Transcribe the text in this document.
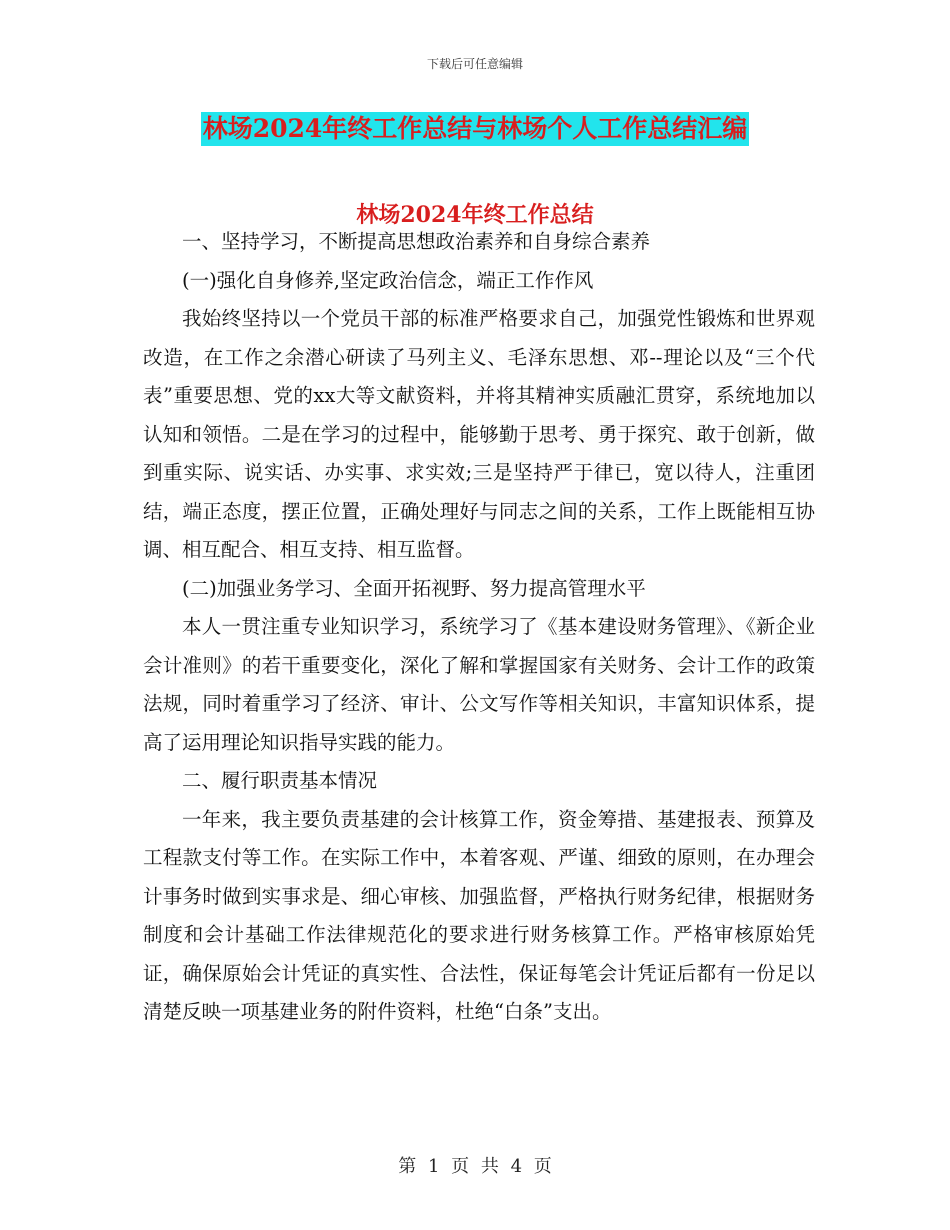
下载后可任意编辑
林场2024年终工作总结与林场个人工作总结汇编
林场2024年终工作总结

一、坚持学习，不断提高思想政治素养和自身综合素养

(一)强化自身修养,坚定政治信念，端正工作作风

我始终坚持以一个党员干部的标准严格要求自己，加强党性锻炼和世界观改造，在工作之余潜心研读了马列主义、毛泽东思想、邓--理论以及“三个代表”重要思想、党的xx大等文献资料，并将其精神实质融汇贯穿，系统地加以认知和领悟。二是在学习的过程中，能够勤于思考、勇于探究、敢于创新，做到重实际、说实话、办实事、求实效;三是坚持严于律已，宽以待人，注重团结，端正态度，摆正位置，正确处理好与同志之间的关系，工作上既能相互协调、相互配合、相互支持、相互监督。

(二)加强业务学习、全面开拓视野、努力提高管理水平

本人一贯注重专业知识学习，系统学习了《基本建设财务管理》、《新企业会计准则》的若干重要变化，深化了解和掌握国家有关财务、会计工作的政策法规，同时着重学习了经济、审计、公文写作等相关知识，丰富知识体系，提高了运用理论知识指导实践的能力。

二、履行职责基本情况

一年来，我主要负责基建的会计核算工作，资金筹措、基建报表、预算及工程款支付等工作。在实际工作中，本着客观、严谨、细致的原则，在办理会计事务时做到实事求是、细心审核、加强监督，严格执行财务纪律，根据财务制度和会计基础工作法律规范化的要求进行财务核算工作。严格审核原始凭证，确保原始会计凭证的真实性、合法性，保证每笔会计凭证后都有一份足以清楚反映一项基建业务的附件资料，杜绝“白条”支出。

第 1 页 共 4 页
